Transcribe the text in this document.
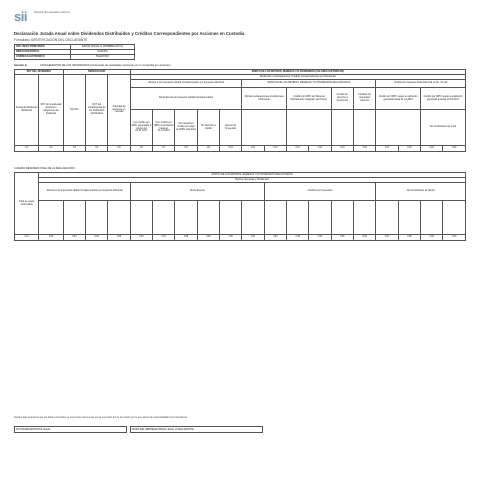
sii	Servicio de Impuestos Internos
Declaración Jurada Anual sobre Dividendos Distribuidos y Créditos Correspondientes por Acciones en Custodia
Formulario IDENTIFICACIÓN DEL DECLARANTE
ROL ÚNICO TRIBUTARIO	RAZÓN SOCIAL O NOMBRES (DV=1)
DIRECCIÓN POSTAL	COMUNA
CORREO ELECTRÓNICO	TELÉFONO
Sección A:	ANTECEDENTES DE LOS INFORMADOS (Accionistas de sociedades anónimas y/o en comandita por acciones)
RUT DEL DIVIDENDO		BENEFICIARIO			MONTO DE LOS RETIROS, REMESAS Y/O DIVIDENDOS (VALORES HISTÓRICOS)														
Fecha del dividendo distribuido	RUT de la sociedad anónima o adquirente del dividendo	Tipo Div.	RUT del contribuyente de los dividendos distribuidos	Cantidad de acciones en custodia	Dividendos o participaciones; Créditos correspondientes por Dividendos														
					Afectos a los Impuestos Global Complementario y/o Impuesto Adicional					MONTOS DE LOS RETIROS, REMESAS Y/O DIVIDENDOS REAJUSTADOS						Crédito por Impuesto Tasa Adicional ex Art. 21 LIR			
					Renta Exenta de Impuesto Global Complementario					Montos pertenecientes a la Empresa Informante		Crédito por IDPC del Sistema Parcialmente Integrado (art.14 ter)		Crédito sin derecho a devolución	Créditos por impuestos externos	Crédito por IDPC sujeto a restitución generado hasta 31.12.2016		Crédito por IDPC sujeto a restitución generado a contar 01.01.2017	
					Con crédito por IDPC generados a contar del 01.01.2017	Con crédito por IDPC acumulados hasta el 31.12.2016	Con derecho a crédito por pago de IDPC voluntario	Sin derecho a crédito	Exento de Impuestos									No constitutivos de renta	
C1	C2	C3	C4	C5	C6	C7	C8	C9	C10	C11	C12	C13	C14	C15	C16	C17	C18	C19	C20
CUADRO RESUMEN FINAL DE LA DECLARACIÓN
Total de casos informados	MONTO DE LOS RETIROS, REMESAS Y/O DIVIDENDOS REAJUSTADOS																		
	Retiros, Remesas y Dividendos																		
	Afectos a los Impuestos Global Complementario y/o Impuesto Adicional				Renta Exenta						Créditos por Impuestos					No Constitutivos de Renta			

C21	C22	C23	C24	C25	C26	C27	C28	C29	C30	C31	C32	C33	C34	C35	C36	C37	C38	C39	C40
Declaro bajo juramento que los datos contenidos en el presente documento son la expresión fiel de la verdad, por lo que asumo la responsabilidad correspondiente.
RUT REPRESENTANTE LEGAL	FIRMA DEL REPRESENTANTE LEGAL O DECLARANTE
